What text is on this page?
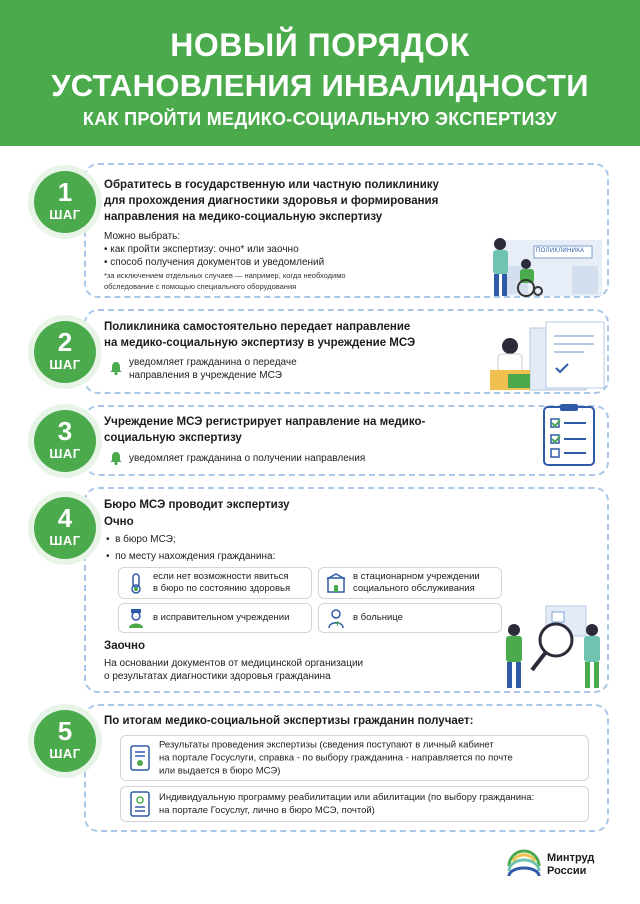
НОВЫЙ ПОРЯДОК
УСТАНОВЛЕНИЯ ИНВАЛИДНОСТИ
КАК ПРОЙТИ МЕДИКО-СОЦИАЛЬНУЮ ЭКСПЕРТИЗУ
1
ШАГ
Обратитесь в государственную или частную поликлинику
для прохождения диагностики здоровья и формирования
направления на медико-социальную экспертизу
Можно выбрать:
• как пройти экспертизу: очно* или заочно
• способ получения документов и уведомлений
*за исключением отдельных случаев — например, когда необходимо
обследование с помощью специального оборудования
ПОЛИКЛИНИКА
2
ШАГ
Поликлиника самостоятельно передает направление
на медико-социальную экспертизу в учреждение МСЭ
уведомляет гражданина о передаче
направления в учреждение МСЭ
3
ШАГ
Учреждение МСЭ регистрирует направление на медико-
социальную экспертизу
уведомляет гражданина о получении направления
4
ШАГ
Бюро МСЭ проводит экспертизу
Очно
•  в бюро МСЭ;
•  по месту нахождения гражданина:
если нет возможности явиться
в бюро по состоянию здоровья
в стационарном учреждении
социального обслуживания
в исправительном учреждении	в больнице
Заочно
На основании документов от медицинской организации
о результатах диагностики здоровья гражданина
5
ШАГ
По итогам медико-социальной экспертизы гражданин получает:
Результаты проведения экспертизы (сведения поступают в личный кабинет
на портале Госуслуги, справка - по выбору гражданина - направляется по почте
или выдается в бюро МСЭ)
Индивидуальную программу реабилитации или абилитации (по выбору гражданина:
на портале Госуслуг, лично в бюро МСЭ, почтой)
Минтруд
России
